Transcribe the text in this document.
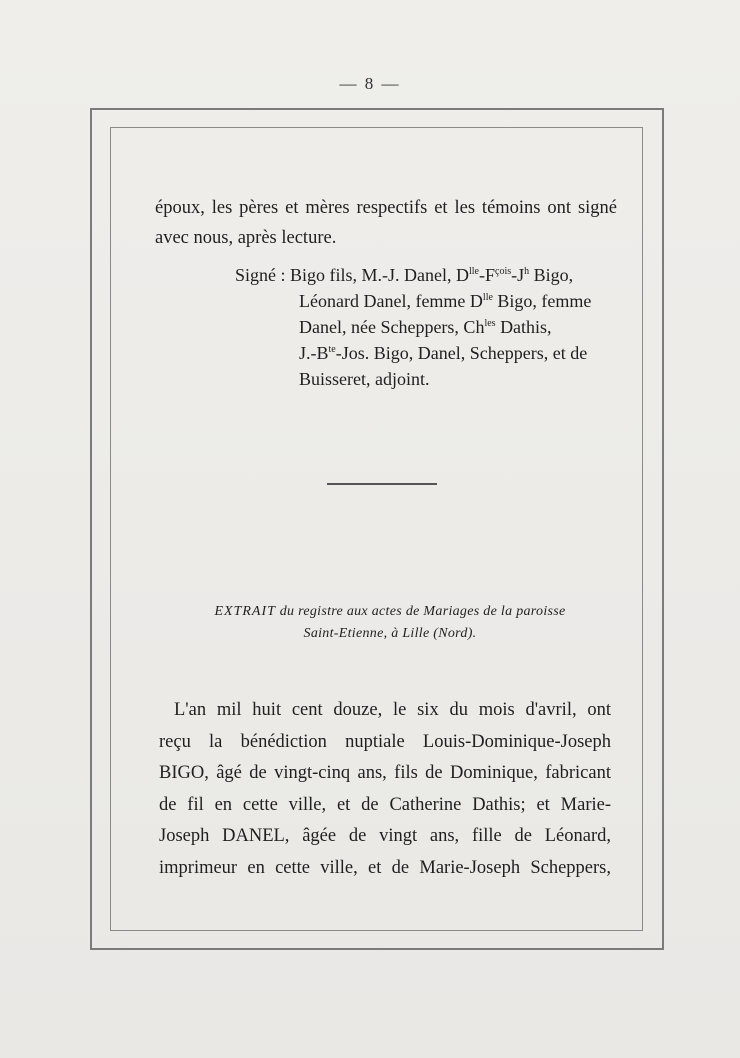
— 8 —

époux, les pères et mères respectifs et les témoins ont signé avec nous, après lecture.

Signé : Bigo fils, M.-J. Danel, $D^{lle}-F^{çois}-J^h$ Bigo,
Léonard Danel, femme $D^{lle}$ Bigo, femme
Danel, née Scheppers, $Ch^{les}$ Dathis,
$J.-B^{te}$-Jos. Bigo, Danel, Scheppers, et de
Buisseret, adjoint.

EXTRAIT du registre aux actes de Mariages de la paroisse
Saint-Etienne, à Lille (Nord).

L'an mil huit cent douze, le six du mois d'avril, ont
reçu la bénédiction nuptiale Louis-Dominique-Joseph
BIGO, âgé de vingt-cinq ans, fils de Dominique, fabricant
de fil en cette ville, et de Catherine Dathis; et Marie-
Joseph DANEL, âgée de vingt ans, fille de Léonard,
imprimeur en cette ville, et de Marie-Joseph Scheppers,
